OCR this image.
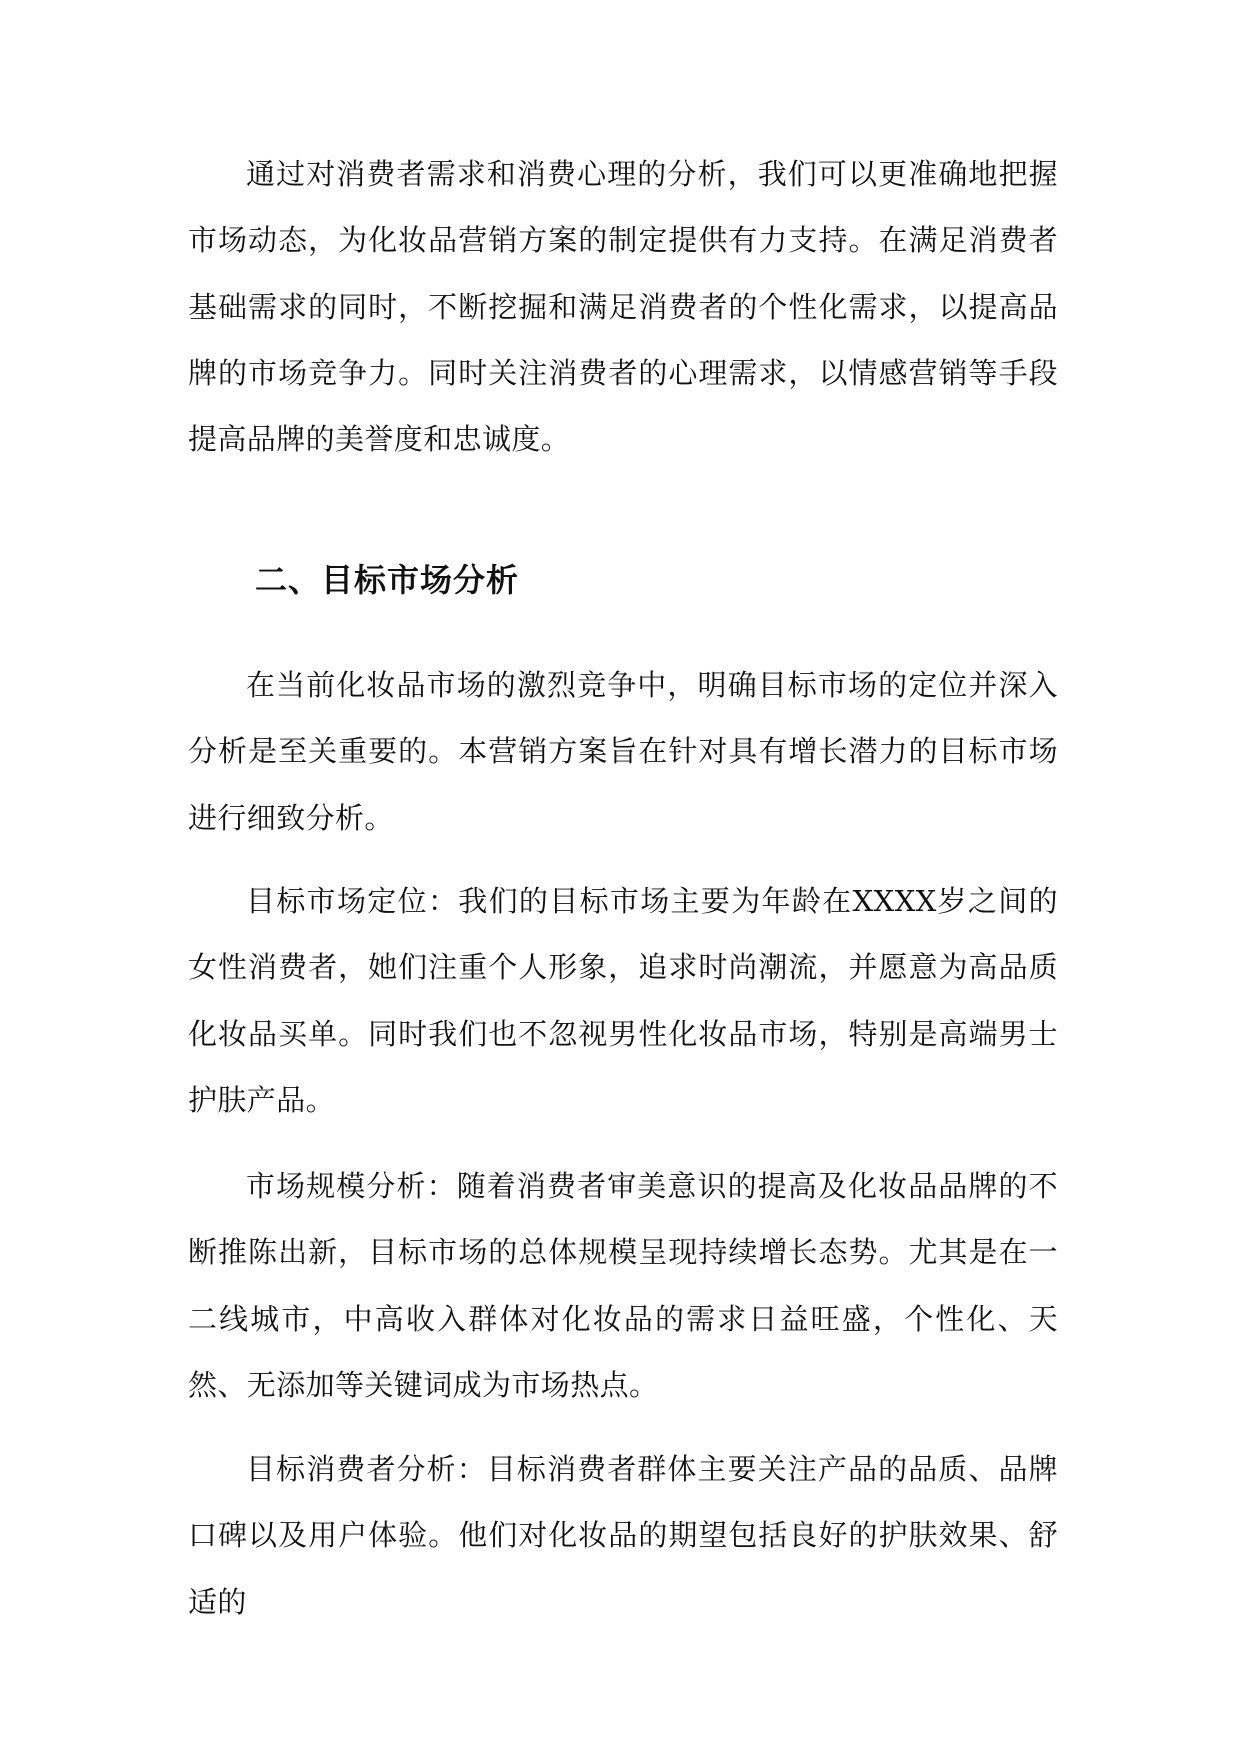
通过对消费者需求和消费心理的分析，我们可以更准确地把握市场动态，为化妆品营销方案的制定提供有力支持。在满足消费者基础需求的同时，不断挖掘和满足消费者的个性化需求，以提高品牌的市场竞争力。同时关注消费者的心理需求，以情感营销等手段提高品牌的美誉度和忠诚度。

二、目标市场分析

在当前化妆品市场的激烈竞争中，明确目标市场的定位并深入分析是至关重要的。本营销方案旨在针对具有增长潜力的目标市场进行细致分析。

目标市场定位：我们的目标市场主要为年龄在XXXX岁之间的女性消费者，她们注重个人形象，追求时尚潮流，并愿意为高品质化妆品买单。同时我们也不忽视男性化妆品市场，特别是高端男士护肤产品。

市场规模分析：随着消费者审美意识的提高及化妆品品牌的不断推陈出新，目标市场的总体规模呈现持续增长态势。尤其是在一二线城市，中高收入群体对化妆品的需求日益旺盛，个性化、天然、无添加等关键词成为市场热点。

目标消费者分析：目标消费者群体主要关注产品的品质、品牌口碑以及用户体验。他们对化妆品的期望包括良好的护肤效果、舒适的
